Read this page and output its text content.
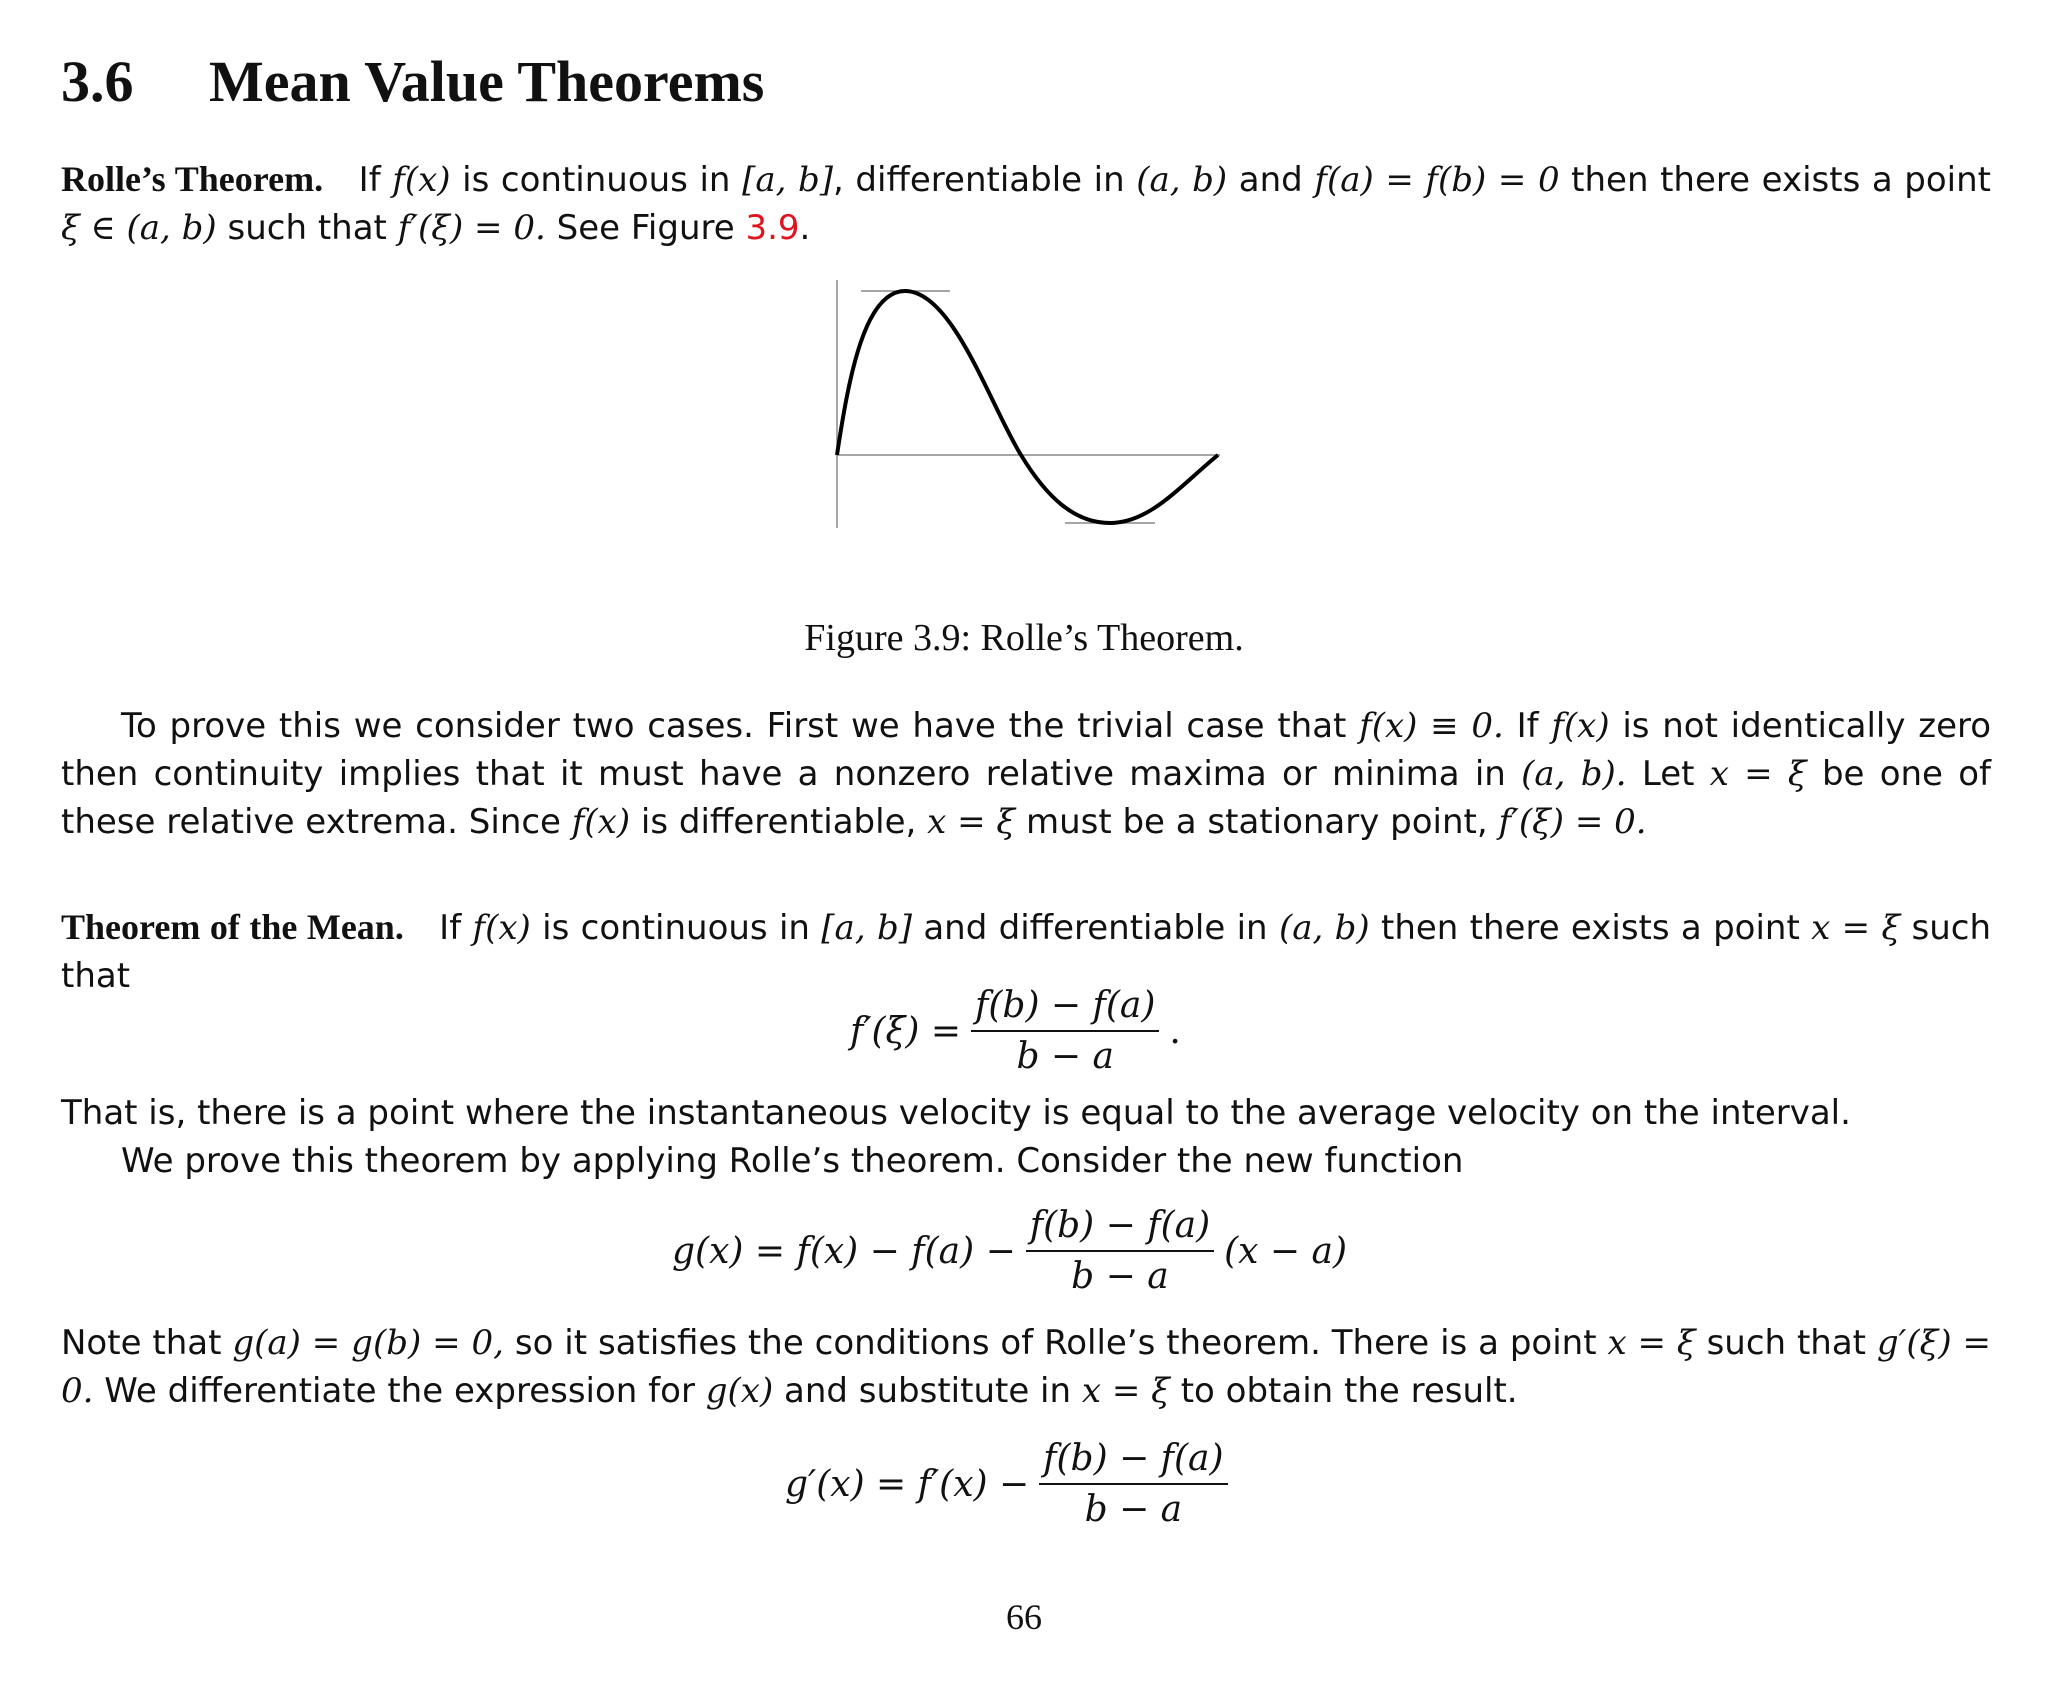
3.6 Mean Value Theorems
Rolle’s Theorem. If f(x) is continuous in [a, b], differentiable in (a, b) and f(a) = f(b) = 0 then there exists a point ξ ∈ (a, b) such that f′(ξ) = 0. See Figure 3.9.
Figure 3.9: Rolle’s Theorem.
To prove this we consider two cases. First we have the trivial case that f(x) ≡ 0. If f(x) is not identically zero then continuity implies that it must have a nonzero relative maxima or minima in (a, b). Let x = ξ be one of these relative extrema. Since f(x) is differentiable, x = ξ must be a stationary point, f′(ξ) = 0.
Theorem of the Mean. If f(x) is continuous in [a, b] and differentiable in (a, b) then there exists a point x = ξ such that
$f'(\xi) = \frac{f(b) - f(a)}{b - a}$ .
That is, there is a point where the instantaneous velocity is equal to the average velocity on the interval.
We prove this theorem by applying Rolle’s theorem. Consider the new function
$g(x) = f(x) - f(a) - \frac{f(b) - f(a)}{b - a} (x - a)$
Note that g(a) = g(b) = 0, so it satisfies the conditions of Rolle’s theorem. There is a point x = ξ such that g′(ξ) = 0. We differentiate the expression for g(x) and substitute in x = ξ to obtain the result.
$g'(x) = f'(x) - \frac{f(b) - f(a)}{b - a}$
66
